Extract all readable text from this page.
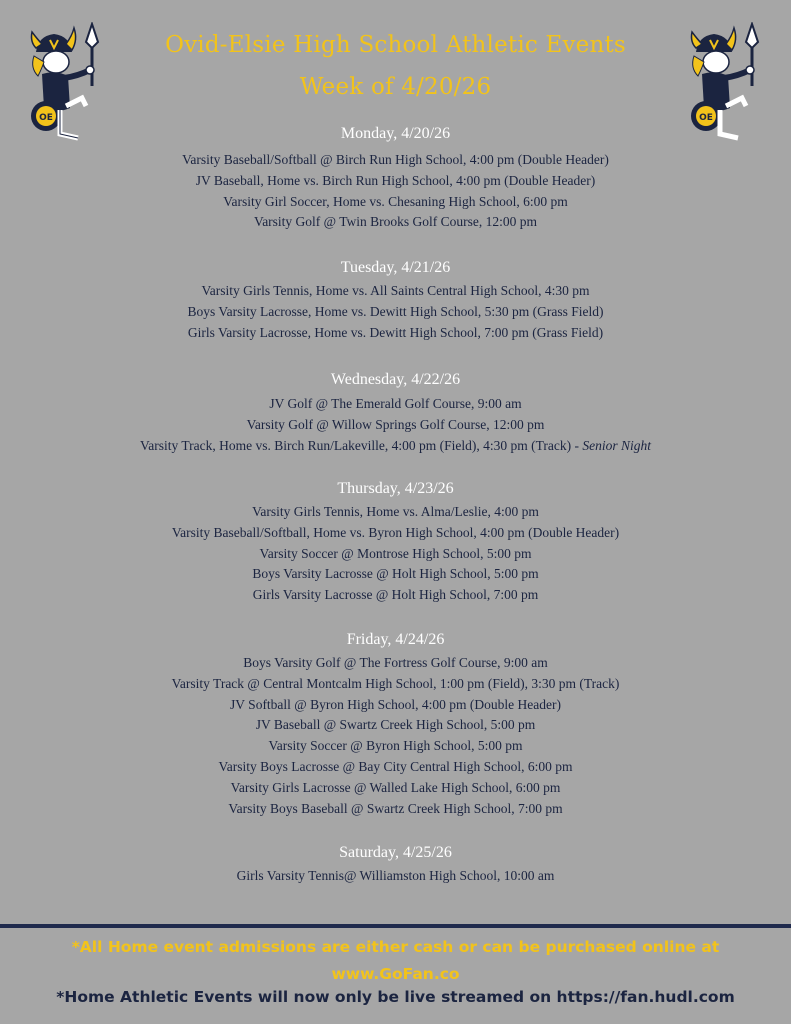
OE	OE
Ovid-Elsie High School Athletic Events
Week of 4/20/26
Monday, 4/20/26
Varsity Baseball/Softball @ Birch Run High School, 4:00 pm (Double Header)
JV Baseball, Home vs. Birch Run High School, 4:00 pm (Double Header)
Varsity Girl Soccer, Home vs. Chesaning High School, 6:00 pm
Varsity Golf @ Twin Brooks Golf Course, 12:00 pm
Tuesday, 4/21/26
Varsity Girls Tennis, Home vs. All Saints Central High School, 4:30 pm
Boys Varsity Lacrosse, Home vs. Dewitt High School, 5:30 pm (Grass Field)
Girls Varsity Lacrosse, Home vs. Dewitt High School, 7:00 pm (Grass Field)
Wednesday, 4/22/26
JV Golf @ The Emerald Golf Course, 9:00 am
Varsity Golf @ Willow Springs Golf Course, 12:00 pm
Varsity Track, Home vs. Birch Run/Lakeville, 4:00 pm (Field), 4:30 pm (Track) - Senior Night
Thursday, 4/23/26
Varsity Girls Tennis, Home vs. Alma/Leslie, 4:00 pm
Varsity Baseball/Softball, Home vs. Byron High School, 4:00 pm (Double Header)
Varsity Soccer @ Montrose High School, 5:00 pm
Boys Varsity Lacrosse @ Holt High School, 5:00 pm
Girls Varsity Lacrosse @ Holt High School, 7:00 pm
Friday, 4/24/26
Boys Varsity Golf @ The Fortress Golf Course, 9:00 am
Varsity Track @ Central Montcalm High School, 1:00 pm (Field), 3:30 pm (Track)
JV Softball @ Byron High School, 4:00 pm (Double Header)
JV Baseball @ Swartz Creek High School, 5:00 pm
Varsity Soccer @ Byron High School, 5:00 pm
Varsity Boys Lacrosse @ Bay City Central High School, 6:00 pm
Varsity Girls Lacrosse @ Walled Lake High School, 6:00 pm
Varsity Boys Baseball @ Swartz Creek High School, 7:00 pm
Saturday, 4/25/26
Girls Varsity Tennis@ Williamston High School, 10:00 am
*All Home event admissions are either cash or can be purchased online at
www.GoFan.co
*Home Athletic Events will now only be live streamed on https://fan.hudl.com
